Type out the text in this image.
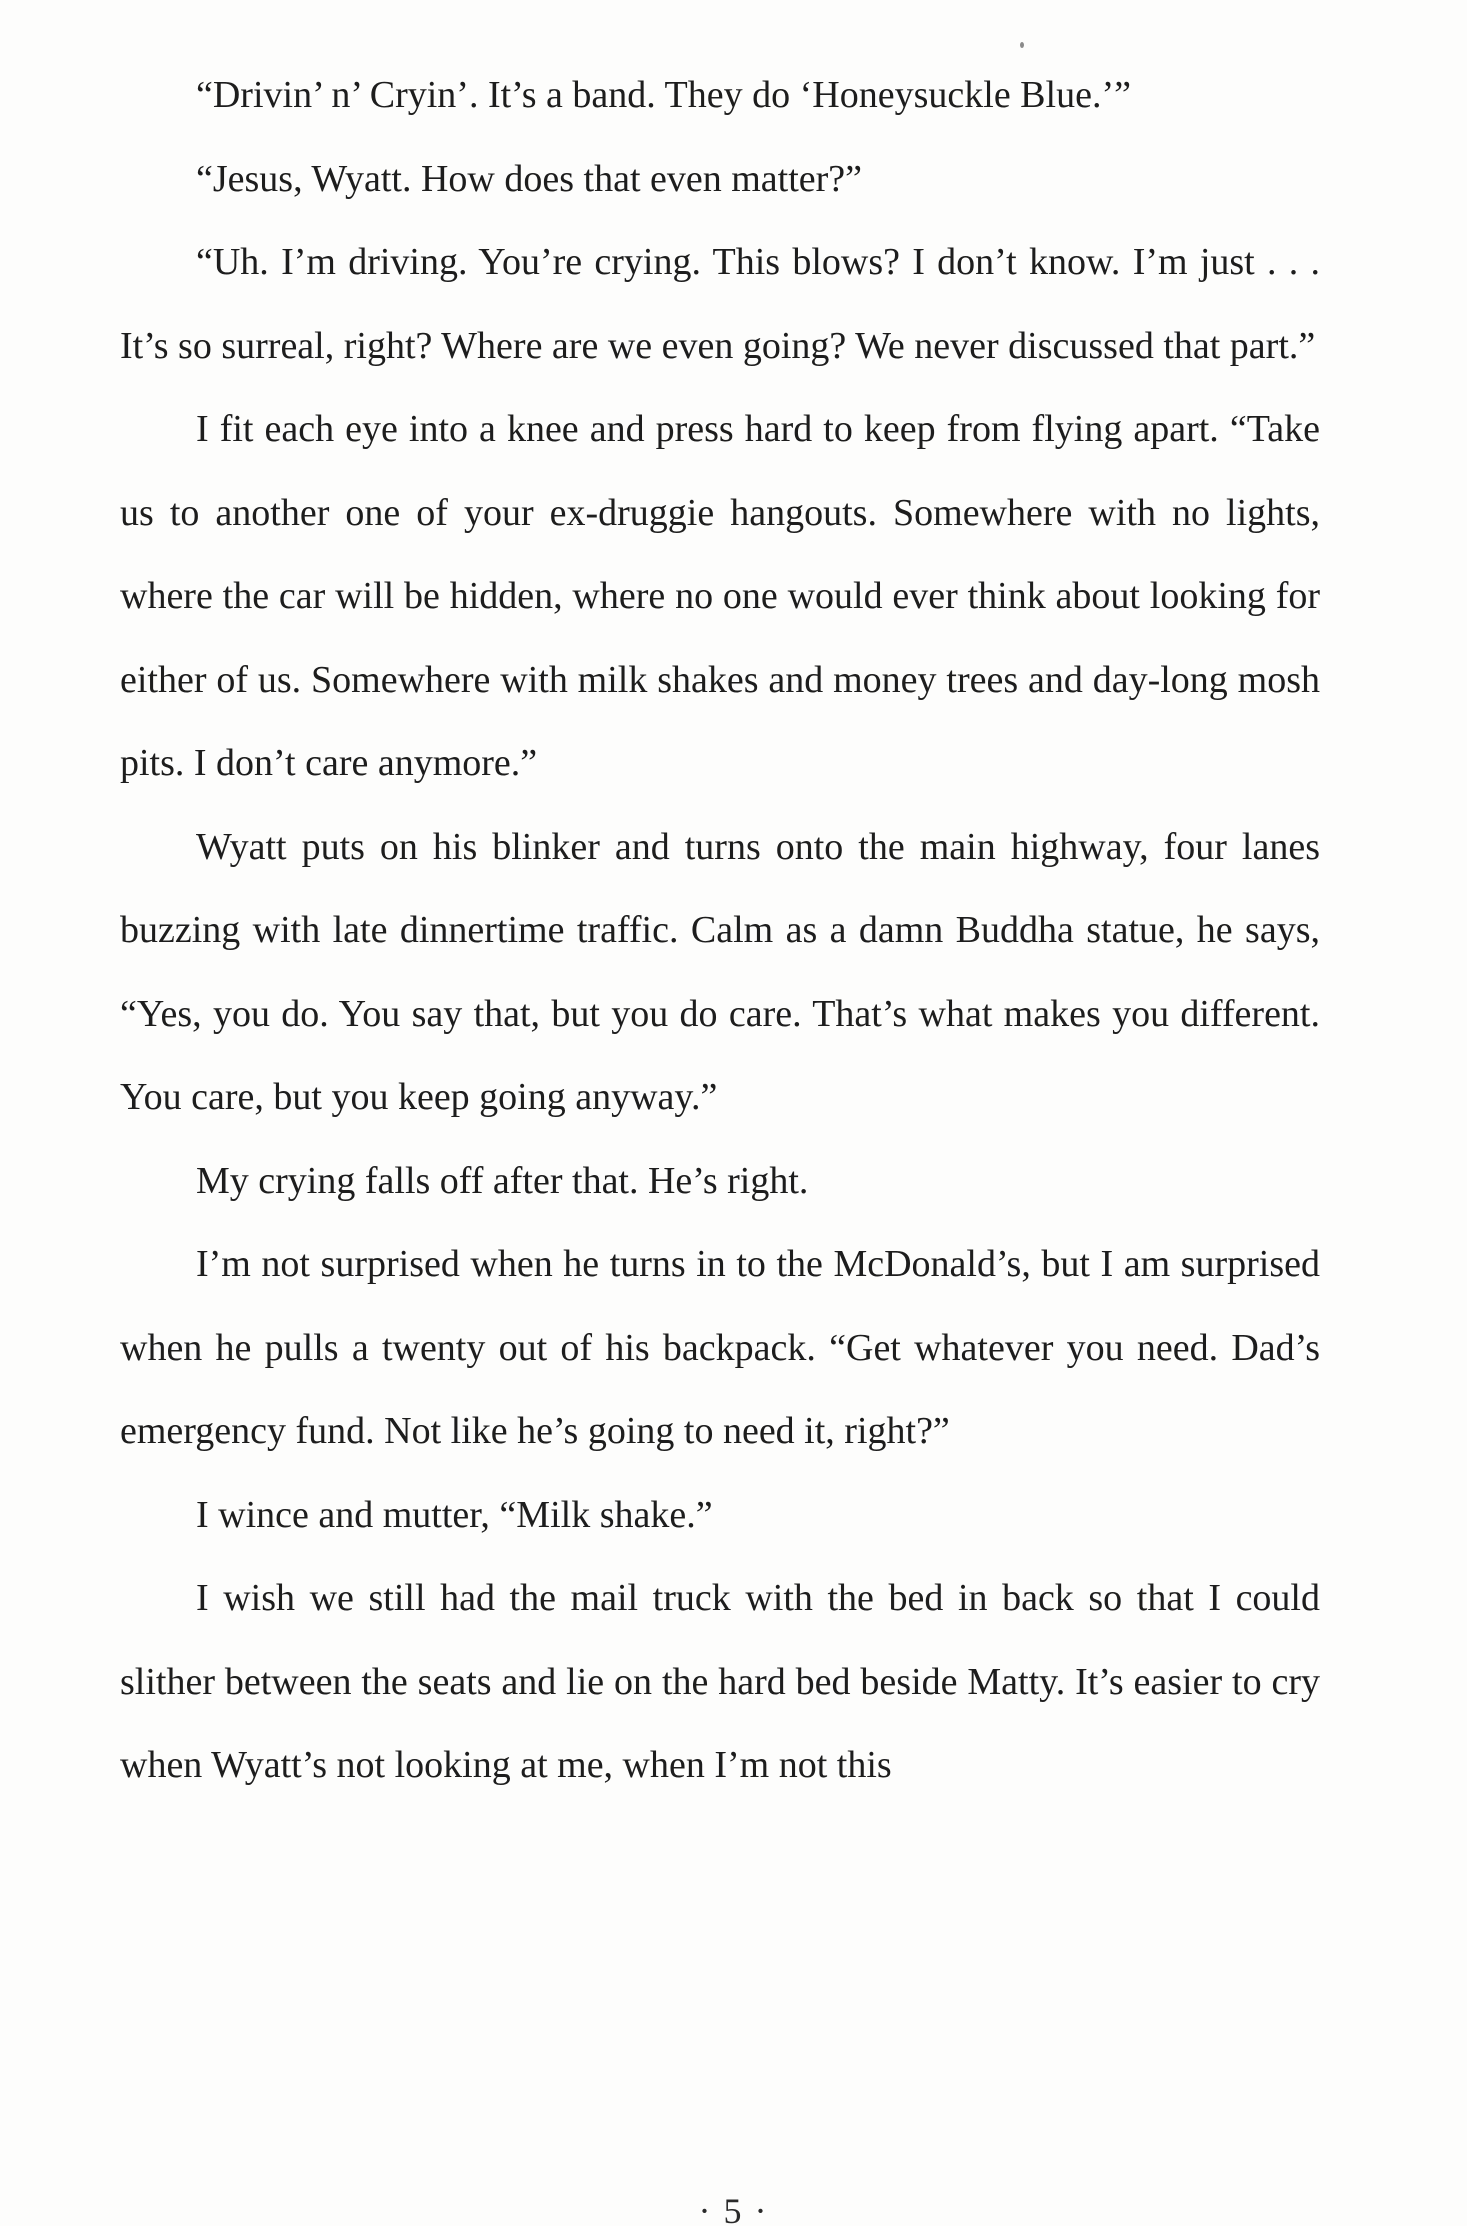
“Drivin’ n’ Cryin’. It’s a band. They do ‘Honeysuckle Blue.’”

“Jesus, Wyatt. How does that even matter?”

“Uh. I’m driving. You’re crying. This blows? I don’t know. I’m just . . . It’s so surreal, right? Where are we even going? We never discussed that part.”

I fit each eye into a knee and press hard to keep from flying apart. “Take us to another one of your ex-druggie hangouts. Somewhere with no lights, where the car will be hidden, where no one would ever think about looking for either of us. Somewhere with milk shakes and money trees and day-long mosh pits. I don’t care anymore.”

Wyatt puts on his blinker and turns onto the main highway, four lanes buzzing with late dinnertime traffic. Calm as a damn Buddha statue, he says, “Yes, you do. You say that, but you do care. That’s what makes you different. You care, but you keep going anyway.”

My crying falls off after that. He’s right.

I’m not surprised when he turns in to the McDonald’s, but I am surprised when he pulls a twenty out of his backpack. “Get whatever you need. Dad’s emergency fund. Not like he’s going to need it, right?”

I wince and mutter, “Milk shake.”

I wish we still had the mail truck with the bed in back so that I could slither between the seats and lie on the hard bed beside Matty. It’s easier to cry when Wyatt’s not looking at me, when I’m not this

· 5 ·
